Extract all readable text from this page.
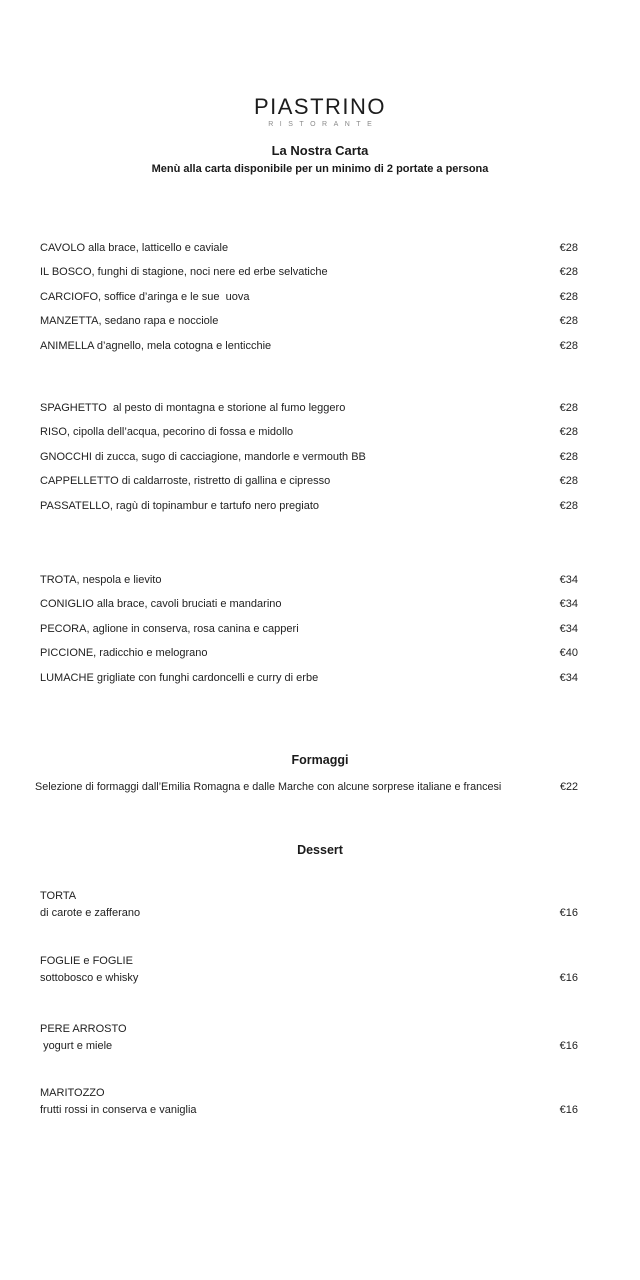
PIASTRINO
RISTORANTE
La Nostra Carta
Menù alla carta disponibile per un minimo di 2 portate a persona
CAVOLO alla brace, latticello e caviale	€28
IL BOSCO, funghi di stagione, noci nere ed erbe selvatiche	€28
CARCIOFO, soffice d’aringa e le sue  uova	€28
MANZETTA, sedano rapa e nocciole	€28
ANIMELLA d’agnello, mela cotogna e lenticchie	€28
SPAGHETTO  al pesto di montagna e storione al fumo leggero	€28
RISO, cipolla dell’acqua, pecorino di fossa e midollo	€28
GNOCCHI di zucca, sugo di cacciagione, mandorle e vermouth BB	€28
CAPPELLETTO di caldarroste, ristretto di gallina e cipresso	€28
PASSATELLO, ragù di topinambur e tartufo nero pregiato	€28
TROTA, nespola e lievito	€34
CONIGLIO alla brace, cavoli bruciati e mandarino	€34
PECORA, aglione in conserva, rosa canina e capperi	€34
PICCIONE, radicchio e melograno	€40
LUMACHE grigliate con funghi cardoncelli e curry di erbe	€34
Formaggi
Selezione di formaggi dall’Emilia Romagna e dalle Marche con alcune sorprese italiane e francesi	€22
Dessert
TORTA
di carote e zafferano	€16
FOGLIE e FOGLIE
sottobosco e whisky	€16
PERE ARROSTO
yogurt e miele	€16
MARITOZZO
frutti rossi in conserva e vaniglia	€16
